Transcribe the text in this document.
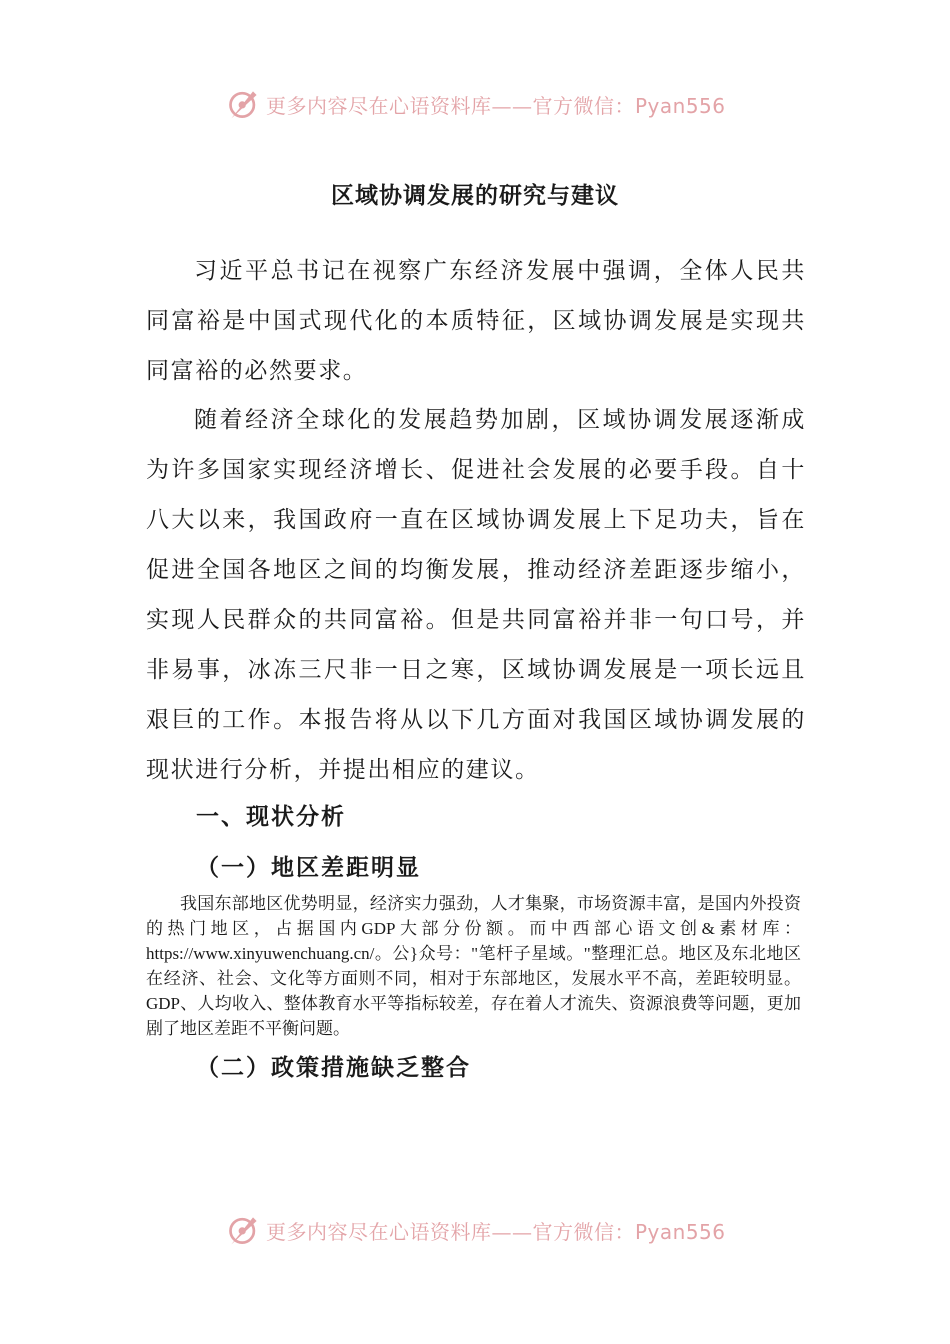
更多内容尽在心语资料库——官方微信：Pyan556
区域协调发展的研究与建议

习近平总书记在视察广东经济发展中强调，全体人民共同富裕是中国式现代化的本质特征，区域协调发展是实现共同富裕的必然要求。

随着经济全球化的发展趋势加剧，区域协调发展逐渐成为许多国家实现经济增长、促进社会发展的必要手段。自十八大以来，我国政府一直在区域协调发展上下足功夫，旨在促进全国各地区之间的均衡发展，推动经济差距逐步缩小，实现人民群众的共同富裕。但是共同富裕并非一句口号，并非易事，冰冻三尺非一日之寒，区域协调发展是一项长远且艰巨的工作。本报告将从以下几方面对我国区域协调发展的现状进行分析，并提出相应的建议。

一、现状分析
（一）地区差距明显

我国东部地区优势明显，经济实力强劲，人才集聚，市场资源丰富，是国内外投资的热门地区，占据国内GDP大部分份额。而中西部心语文创&素材库：https://www.xinyuwenchuang.cn/。公}众号："笔杆子星域。"整理汇总。地区及东北地区在经济、社会、文化等方面则不同，相对于东部地区，发展水平不高，差距较明显。GDP、人均收入、整体教育水平等指标较差，存在着人才流失、资源浪费等问题，更加剧了地区差距不平衡问题。

（二）政策措施缺乏整合
更多内容尽在心语资料库——官方微信：Pyan556
